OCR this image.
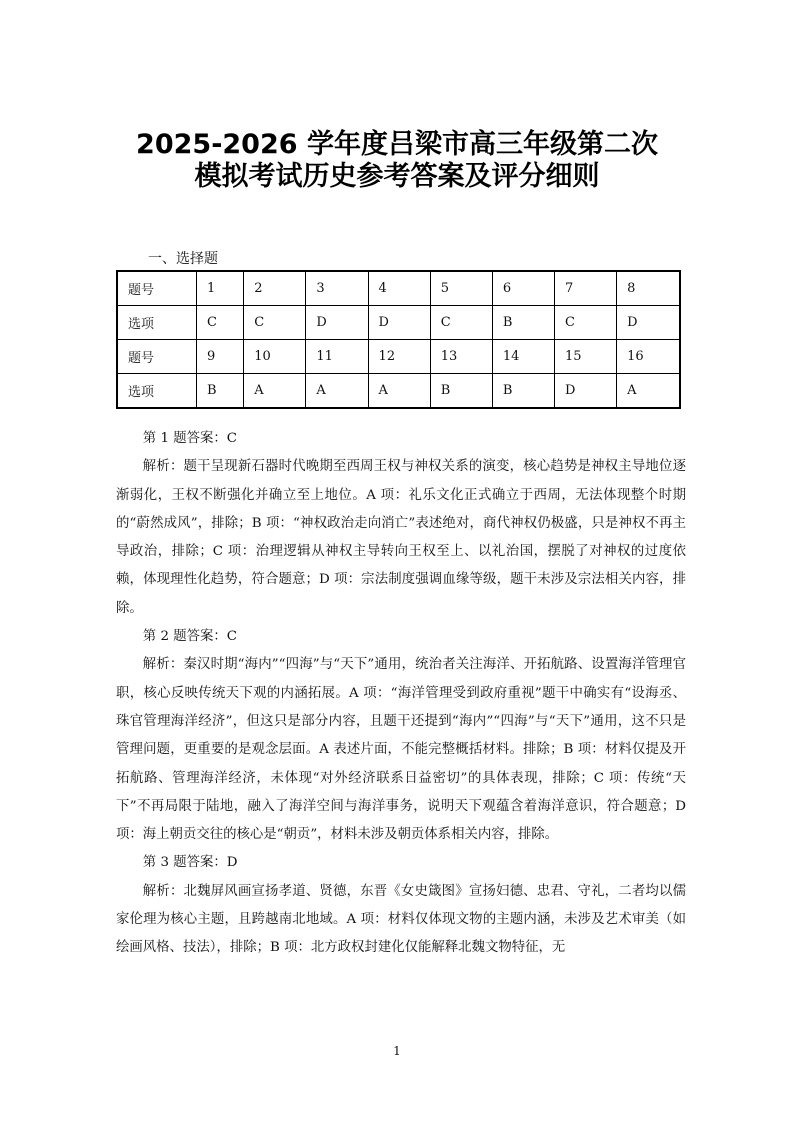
2025-2026 学年度吕梁市高三年级第二次
模拟考试历史参考答案及评分细则
一、选择题
题号	1	2	3	4	5	6	7	8
选项	C	C	D	D	C	B	C	D
题号	9	10	11	12	13	14	15	16
选项	B	A	A	A	B	B	D	A

第 1 题答案：C

解析：题干呈现新石器时代晚期至西周王权与神权关系的演变，核心趋势是神权主导地位逐渐弱化，王权不断强化并确立至上地位。A 项：礼乐文化正式确立于西周，无法体现整个时期的“蔚然成风”，排除；B 项：“神权政治走向消亡”表述绝对，商代神权仍极盛，只是神权不再主导政治，排除；C 项：治理逻辑从神权主导转向王权至上、以礼治国，摆脱了对神权的过度依赖，体现理性化趋势，符合题意；D 项：宗法制度强调血缘等级，题干未涉及宗法相关内容，排除。

第 2 题答案：C

解析：秦汉时期“海内”“四海”与“天下”通用，统治者关注海洋、开拓航路、设置海洋管理官职，核心反映传统天下观的内涵拓展。A 项：“海洋管理受到政府重视”题干中确实有“设海丞、珠官管理海洋经济”，但这只是部分内容，且题干还提到“海内”“四海”与“天下”通用，这不只是管理问题，更重要的是观念层面。A 表述片面，不能完整概括材料。排除；B 项：材料仅提及开拓航路、管理海洋经济，未体现“对外经济联系日益密切”的具体表现，排除；C 项：传统“天下”不再局限于陆地，融入了海洋空间与海洋事务，说明天下观蕴含着海洋意识，符合题意；D 项：海上朝贡交往的核心是“朝贡”，材料未涉及朝贡体系相关内容，排除。

第 3 题答案：D

解析：北魏屏风画宣扬孝道、贤德，东晋《女史箴图》宣扬妇德、忠君、守礼，二者均以儒家伦理为核心主题，且跨越南北地域。A 项：材料仅体现文物的主题内涵，未涉及艺术审美（如绘画风格、技法），排除；B 项：北方政权封建化仅能解释北魏文物特征，无

1
